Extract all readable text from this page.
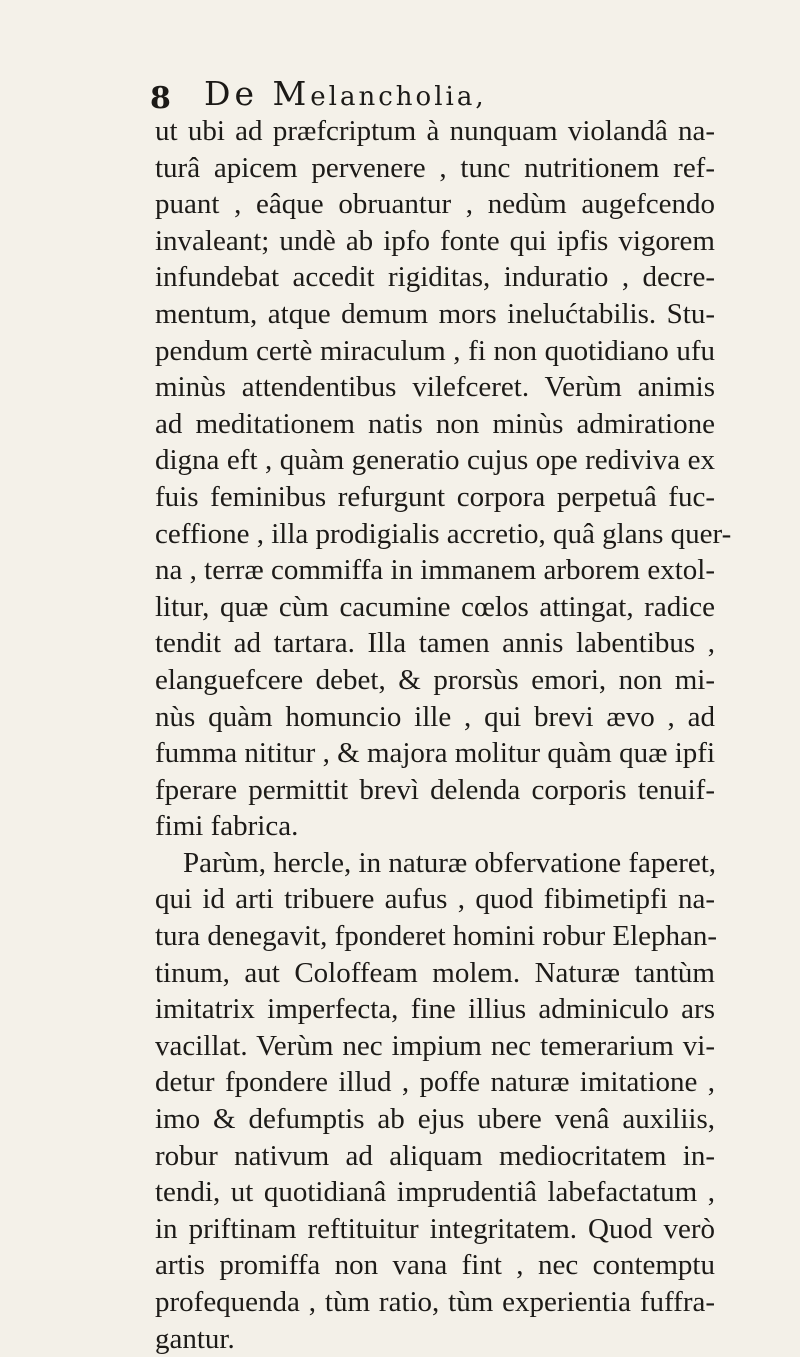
8 De Melancholia,
ut ubi ad præfcriptum à nunquam violandâ na-
turâ apicem pervenere , tunc nutritionem ref-
puant , eâque obruantur , nedùm augefcendo
invaleant; undè ab ipfo fonte qui ipfis vigorem
infundebat accedit rigiditas, induratio , decre-
mentum, atque demum mors inelućtabilis. Stu-
pendum certè miraculum , fi non quotidiano ufu
minùs attendentibus vilefceret. Verùm animis
ad meditationem natis non minùs admiratione
digna eft , quàm generatio cujus ope rediviva ex
fuis feminibus refurgunt corpora perpetuâ fuc-
ceffione , illa prodigialis accretio, quâ glans quer-
na , terræ commiffa in immanem arborem extol-
litur, quæ cùm cacumine cœlos attingat, radice
tendit ad tartara. Illa tamen annis labentibus ,
elanguefcere debet, & prorsùs emori, non mi-
nùs quàm homuncio ille , qui brevi ævo , ad
fumma nititur , & majora molitur quàm quæ ipfi
fperare permittit brevì delenda corporis tenuif-
fimi fabrica.
Parùm, hercle, in naturæ obfervatione faperet,
qui id arti tribuere aufus , quod fibimetipfi na-
tura denegavit, fponderet homini robur Elephan-
tinum, aut Coloffeam molem. Naturæ tantùm
imitatrix imperfecta, fine illius adminiculo ars
vacillat. Verùm nec impium nec temerarium vi-
detur fpondere illud , poffe naturæ imitatione ,
imo & defumptis ab ejus ubere venâ auxiliis,
robur nativum ad aliquam mediocritatem in-
tendi, ut quotidianâ imprudentiâ labefactatum ,
in priftinam reftituitur integritatem. Quod verò
artis promiffa non vana fint , nec contemptu
profequenda , tùm ratio, tùm experientia fuffra-
gantur.
